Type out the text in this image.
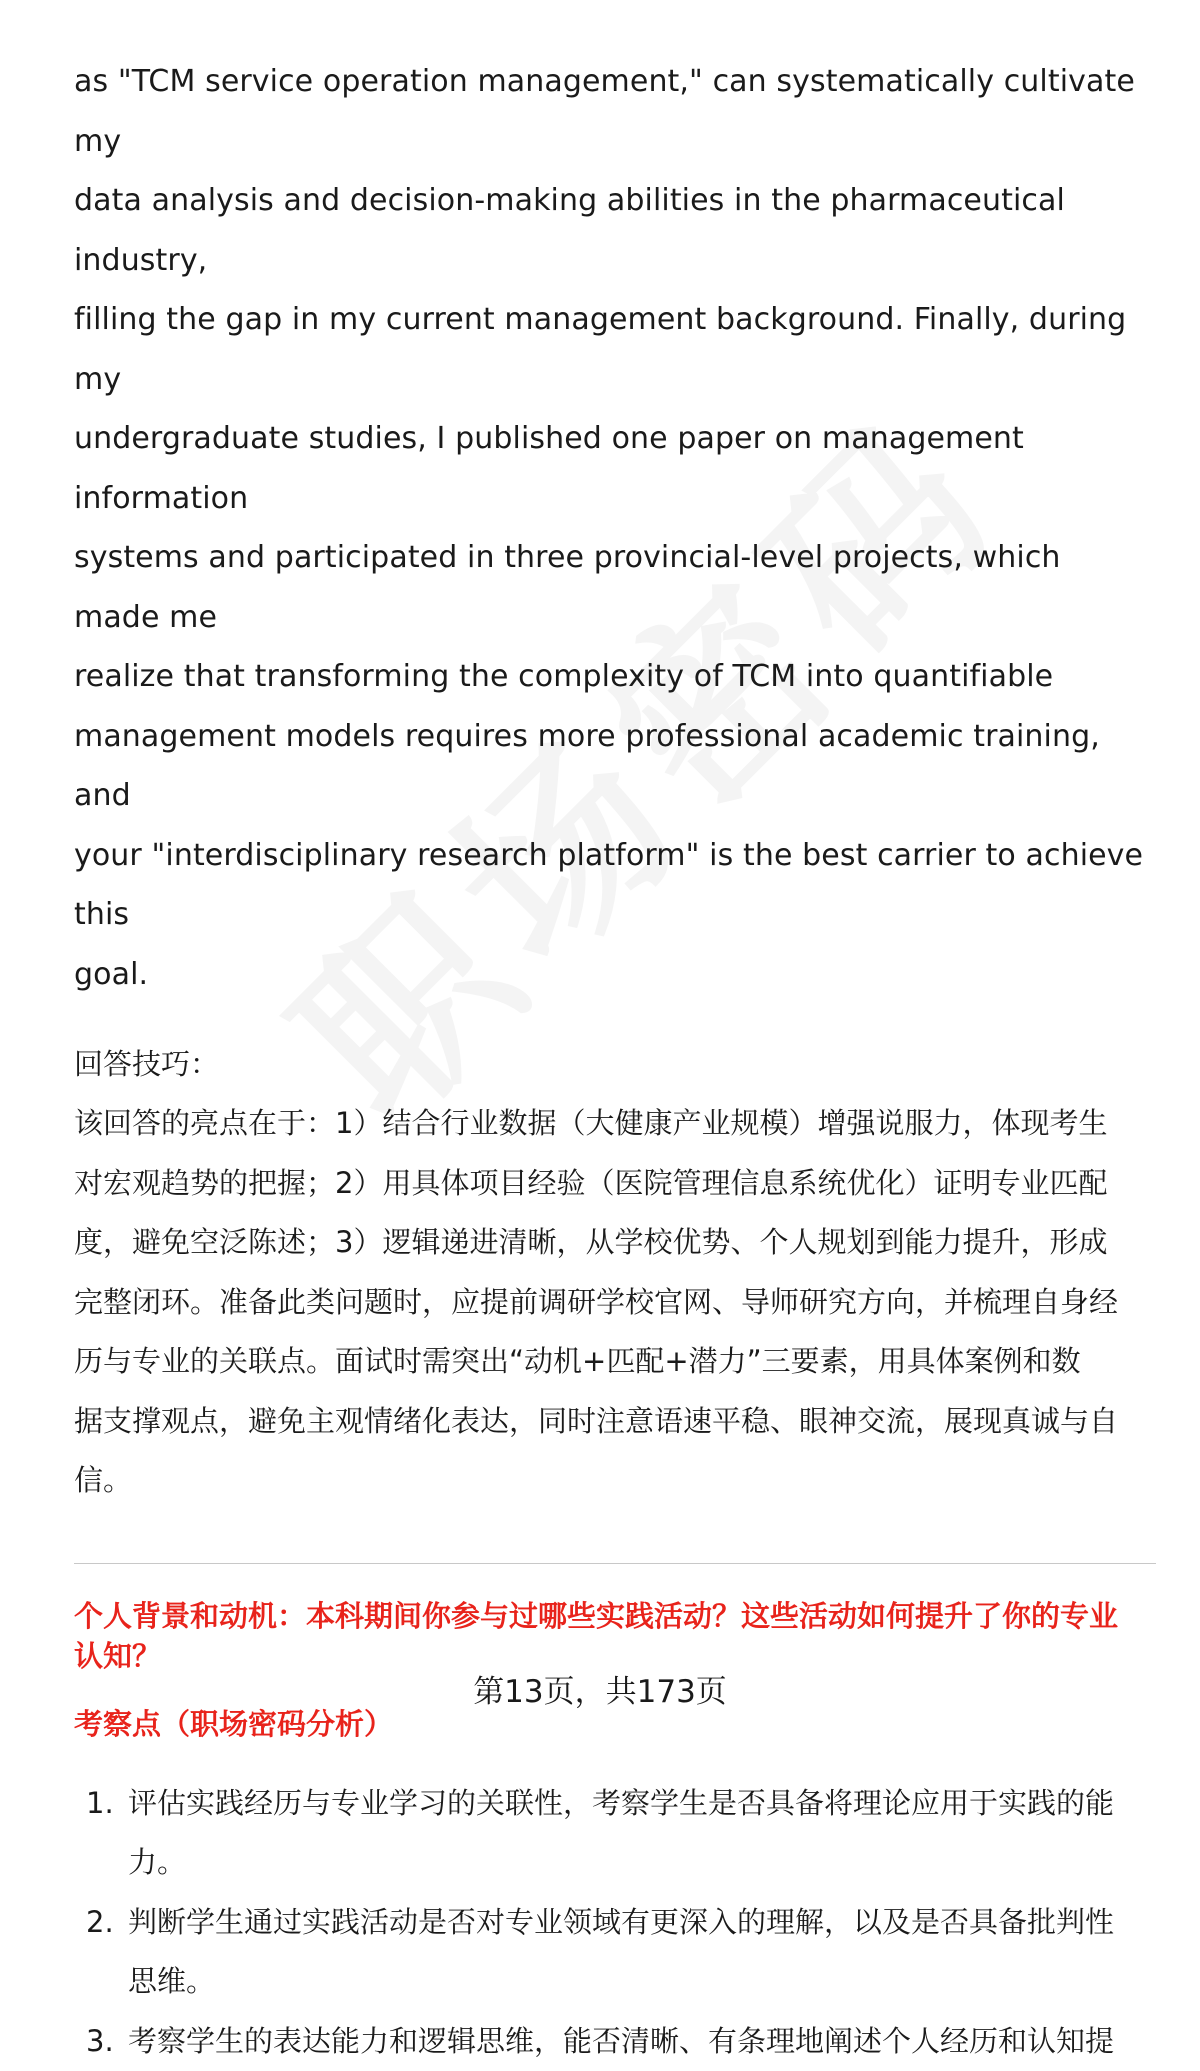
as "TCM service operation management," can systematically cultivate my
data analysis and decision-making abilities in the pharmaceutical industry,
filling the gap in my current management background. Finally, during my
undergraduate studies, I published one paper on management information
systems and participated in three provincial-level projects, which made me
realize that transforming the complexity of TCM into quantifiable
management models requires more professional academic training, and
your "interdisciplinary research platform" is the best carrier to achieve this
goal.

回答技巧：

该回答的亮点在于：1）结合行业数据（大健康产业规模）增强说服力，体现考生
对宏观趋势的把握；2）用具体项目经验（医院管理信息系统优化）证明专业匹配
度，避免空泛陈述；3）逻辑递进清晰，从学校优势、个人规划到能力提升，形成
完整闭环。准备此类问题时，应提前调研学校官网、导师研究方向，并梳理自身经
历与专业的关联点。面试时需突出“动机+匹配+潜力”三要素，用具体案例和数
据支撑观点，避免主观情绪化表达，同时注意语速平稳、眼神交流，展现真诚与自
信。

个人背景和动机：本科期间你参与过哪些实践活动？这些活动如何提升了你的专业
认知？

考察点（职场密码分析）

1. 评估实践经历与专业学习的关联性，考察学生是否具备将理论应用于实践的能
力。
2. 判断学生通过实践活动是否对专业领域有更深入的理解，以及是否具备批判性
思维。
3. 考察学生的表达能力和逻辑思维，能否清晰、有条理地阐述个人经历和认知提
第13页，共173页
